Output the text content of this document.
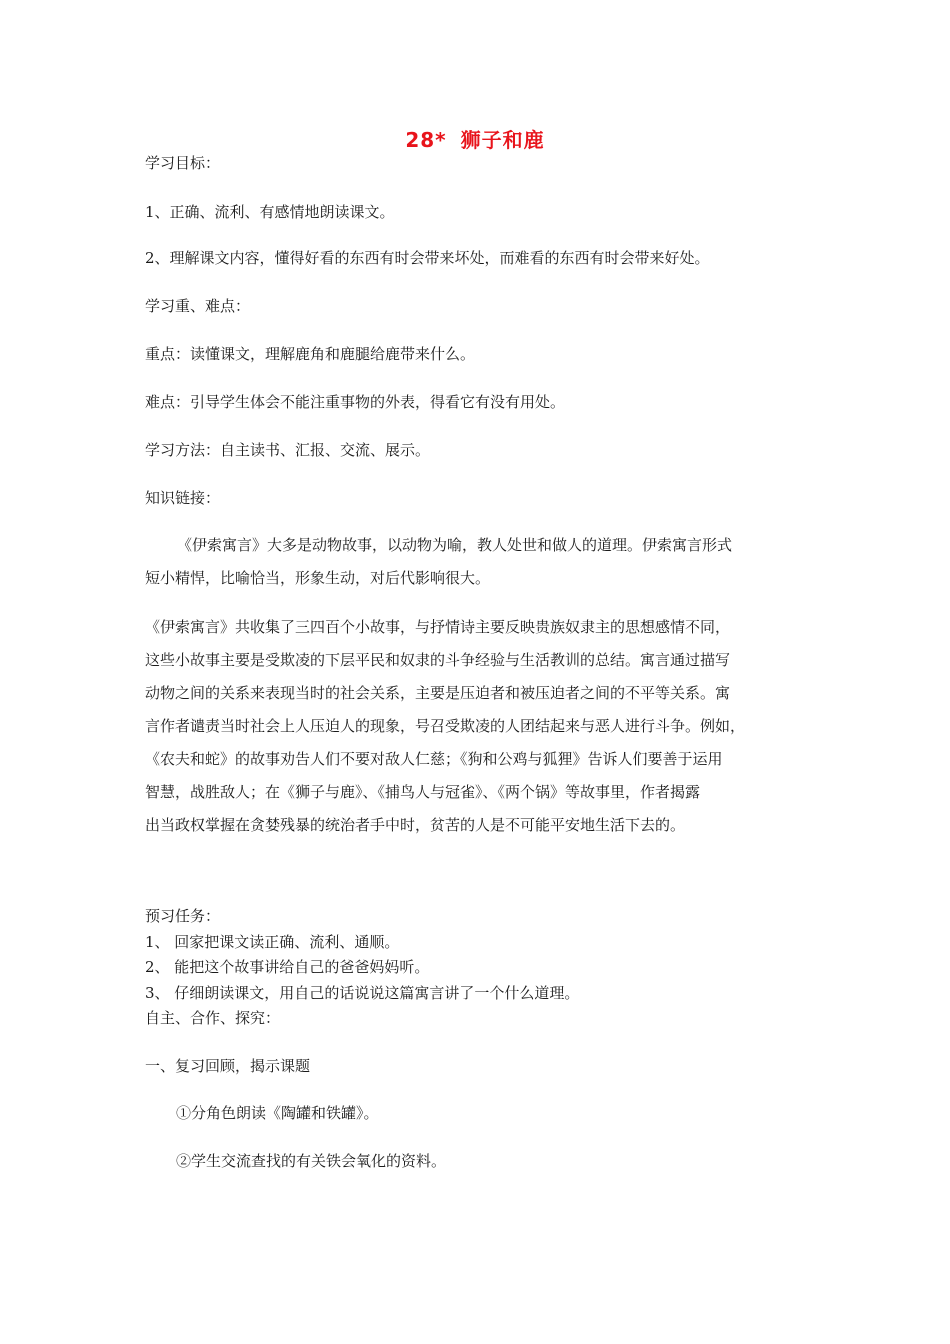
28* 狮子和鹿
学习目标：
1、正确、流利、有感情地朗读课文。
2、理解课文内容，懂得好看的东西有时会带来坏处，而难看的东西有时会带来好处。
学习重、难点：
重点：读懂课文，理解鹿角和鹿腿给鹿带来什么。
难点：引导学生体会不能注重事物的外表，得看它有没有用处。
学习方法：自主读书、汇报、交流、展示。
知识链接：
《伊索寓言》大多是动物故事，以动物为喻，教人处世和做人的道理。伊索寓言形式
短小精悍，比喻恰当，形象生动，对后代影响很大。
《伊索寓言》共收集了三四百个小故事，与抒情诗主要反映贵族奴隶主的思想感情不同，
这些小故事主要是受欺凌的下层平民和奴隶的斗争经验与生活教训的总结。寓言通过描写
动物之间的关系来表现当时的社会关系，主要是压迫者和被压迫者之间的不平等关系。寓
言作者谴责当时社会上人压迫人的现象，号召受欺凌的人团结起来与恶人进行斗争。例如，
《农夫和蛇》的故事劝告人们不要对敌人仁慈；《狗和公鸡与狐狸》告诉人们要善于运用
智慧，战胜敌人；在《狮子与鹿》、《捕鸟人与冠雀》、《两个锅》等故事里，作者揭露
出当政权掌握在贪婪残暴的统治者手中时，贫苦的人是不可能平安地生活下去的。
预习任务：
1、 回家把课文读正确、流利、通顺。
2、 能把这个故事讲给自己的爸爸妈妈听。
3、 仔细朗读课文，用自己的话说说这篇寓言讲了一个什么道理。
自主、合作、探究：
一、复习回顾，揭示课题
①分角色朗读《陶罐和铁罐》。
②学生交流查找的有关铁会氧化的资料。
